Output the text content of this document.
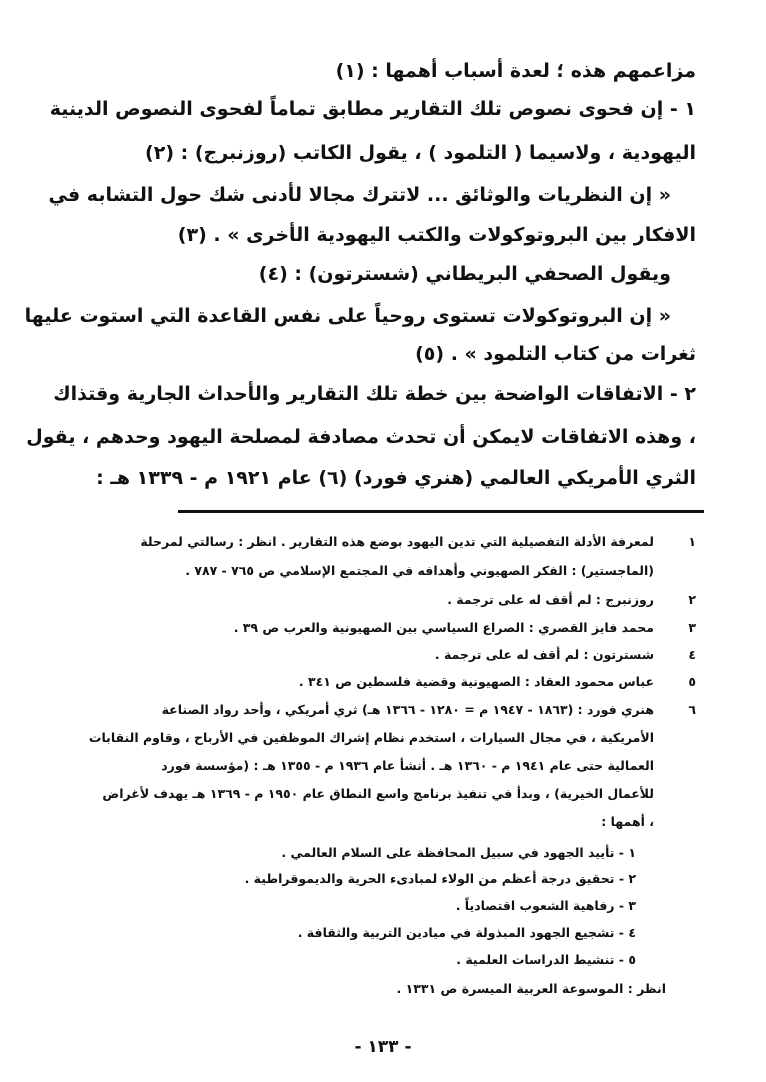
مزاعمهم هذه ؛ لعدة أسباب أهمها : (١)
١ - إن فحوى نصوص تلك التقارير مطابق تماماً لفحوى النصوص الدينية
اليهودية ، ولاسيما ( التلمود ) ، يقول الكاتب (روزنبرج) : (٢)
« إن النظريات والوثائق ... لاتترك مجالا لأدنى شك حول التشابه في
الافكار بين البروتوكولات والكتب اليهودية الأخرى » . (٣)
ويقول الصحفي البريطاني (شسترتون) : (٤)
« إن البروتوكولات تستوى روحياً على نفس القاعدة التي استوت عليها
ثغرات من كتاب التلمود » . (٥)
٢ - الاتفاقات الواضحة بين خطة تلك التقارير والأحداث الجارية وقتذاك
، وهذه الاتفاقات لايمكن أن تحدث مصادفة لمصلحة اليهود وحدهم ، يقول
الثري الأمريكي العالمي (هنري فورد) (٦) عام ١٩٢١ م - ١٣٣٩ هـ :
١
٢
٣
٤
٥
٦
لمعرفة الأدلة التفصيلية التي تدين اليهود بوضع هذه التقارير . انظر : رسالتي لمرحلة
(الماجستير) : الفكر الصهيوني وأهدافه في المجتمع الإسلامي ص ٧٦٥ - ٧٨٧ .
روزنبرج : لم أقف له على ترجمة .
محمد فايز القصري : الصراع السياسي بين الصهيونية والعرب ص ٣٩ .
شسترتون : لم أقف له على ترجمة .
عباس محمود العقاد : الصهيونية وقضية فلسطين ص ٣٤١ .
هنري فورد : (١٨٦٣ - ١٩٤٧ م = ١٢٨٠ - ١٣٦٦ هـ) ثري أمريكي ، وأحد رواد الصناعة
الأمريكية ، في مجال السيارات ، استخدم نظام إشراك الموظفين في الأرباح ، وقاوم النقابات
العمالية حتى عام ١٩٤١ م - ١٣٦٠ هـ . أنشأ عام ١٩٣٦ م - ١٣٥٥ هـ : (مؤسسة فورد
للأعمال الخيرية) ، وبدأ في تنفيذ برنامج واسع النطاق عام ١٩٥٠ م - ١٣٦٩ هـ يهدف لأغراض
، أهمها :
١ - تأييد الجهود في سبيل المحافظة على السلام العالمي .
٢ - تحقيق درجة أعظم من الولاء لمبادىء الحرية والديموقراطية .
٣ - رفاهية الشعوب اقتصادياً .
٤ - تشجيع الجهود المبذولة في ميادين التربية والثقافة .
٥ - تنشيط الدراسات العلمية .
انظر : الموسوعة العربية الميسرة ص ١٣٣١ .
- ١٣٣ -
